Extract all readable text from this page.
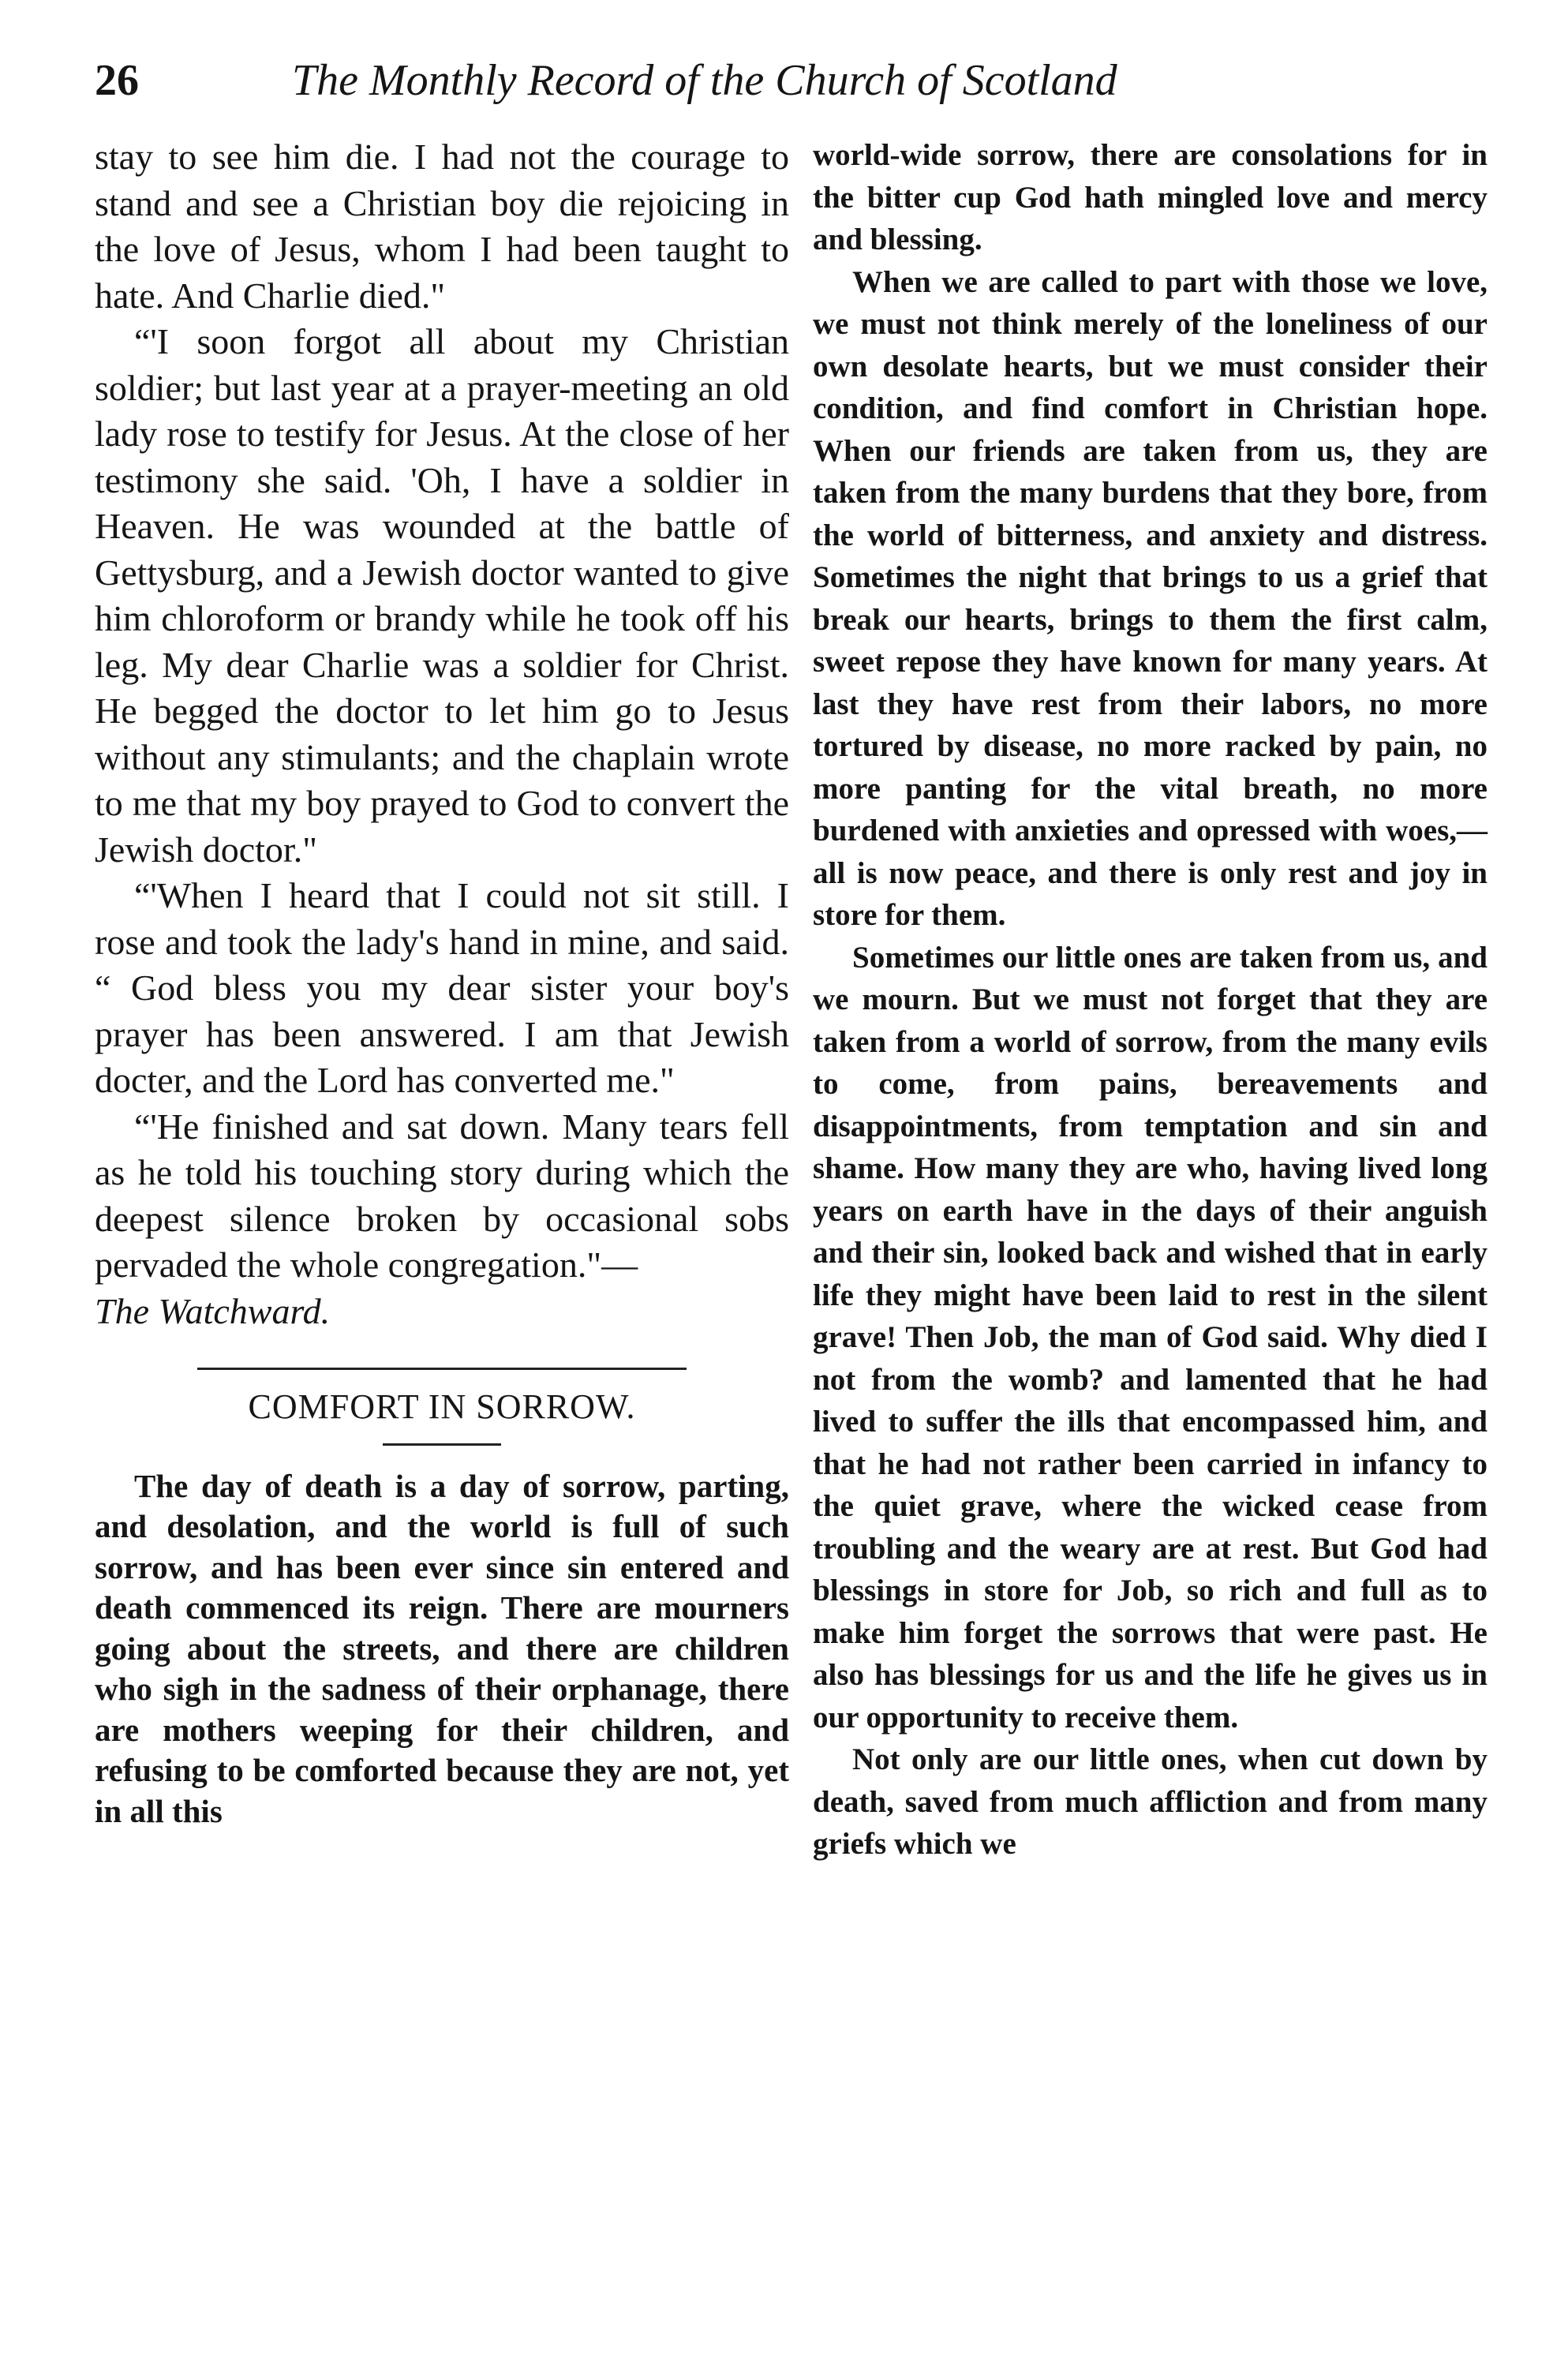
26	The Monthly Record of the Church of Scotland

stay to see him die. I had not the courage to stand and see a Christian boy die rejoicing in the love of Jesus, whom I had been taught to hate. And Charlie died."

“'I soon forgot all about my Christian soldier; but last year at a prayer-meeting an old lady rose to testify for Jesus. At the close of her testimony she said. 'Oh, I have a soldier in Heaven. He was wounded at the battle of Gettysburg, and a Jewish doctor wanted to give him chloroform or brandy while he took off his leg. My dear Charlie was a soldier for Christ. He begged the doctor to let him go to Jesus without any stimulants; and the chaplain wrote to me that my boy prayed to God to convert the Jewish doctor."

“'When I heard that I could not sit still. I rose and took the lady's hand in mine, and said. “ God bless you my dear sister your boy's prayer has been answered. I am that Jewish docter, and the Lord has converted me."

“'He finished and sat down. Many tears fell as he told his touching story during which the deepest silence broken by occasional sobs pervaded the whole congregation."—

The Watchward.

COMFORT IN SORROW.

The day of death is a day of sorrow, parting, and desolation, and the world is full of such sorrow, and has been ever since sin entered and death commenced its reign. There are mourners going about the streets, and there are children who sigh in the sadness of their orphanage, there are mothers weeping for their children, and refusing to be comforted because they are not, yet in all this

world-wide sorrow, there are consolations for in the bitter cup God hath mingled love and mercy and blessing.

When we are called to part with those we love, we must not think merely of the loneliness of our own desolate hearts, but we must consider their condition, and find comfort in Christian hope. When our friends are taken from us, they are taken from the many burdens that they bore, from the world of bitterness, and anxiety and distress. Sometimes the night that brings to us a grief that break our hearts, brings to them the first calm, sweet repose they have known for many years. At last they have rest from their labors, no more tortured by disease, no more racked by pain, no more panting for the vital breath, no more burdened with anxieties and opressed with woes,—all is now peace, and there is only rest and joy in store for them.

Sometimes our little ones are taken from us, and we mourn. But we must not forget that they are taken from a world of sorrow, from the many evils to come, from pains, bereavements and disappointments, from temptation and sin and shame. How many they are who, having lived long years on earth have in the days of their anguish and their sin, looked back and wished that in early life they might have been laid to rest in the silent grave! Then Job, the man of God said. Why died I not from the womb? and lamented that he had lived to suffer the ills that encompassed him, and that he had not rather been carried in infancy to the quiet grave, where the wicked cease from troubling and the weary are at rest. But God had blessings in store for Job, so rich and full as to make him forget the sorrows that were past. He also has blessings for us and the life he gives us in our opportunity to receive them.

Not only are our little ones, when cut down by death, saved from much affliction and from many griefs which we
